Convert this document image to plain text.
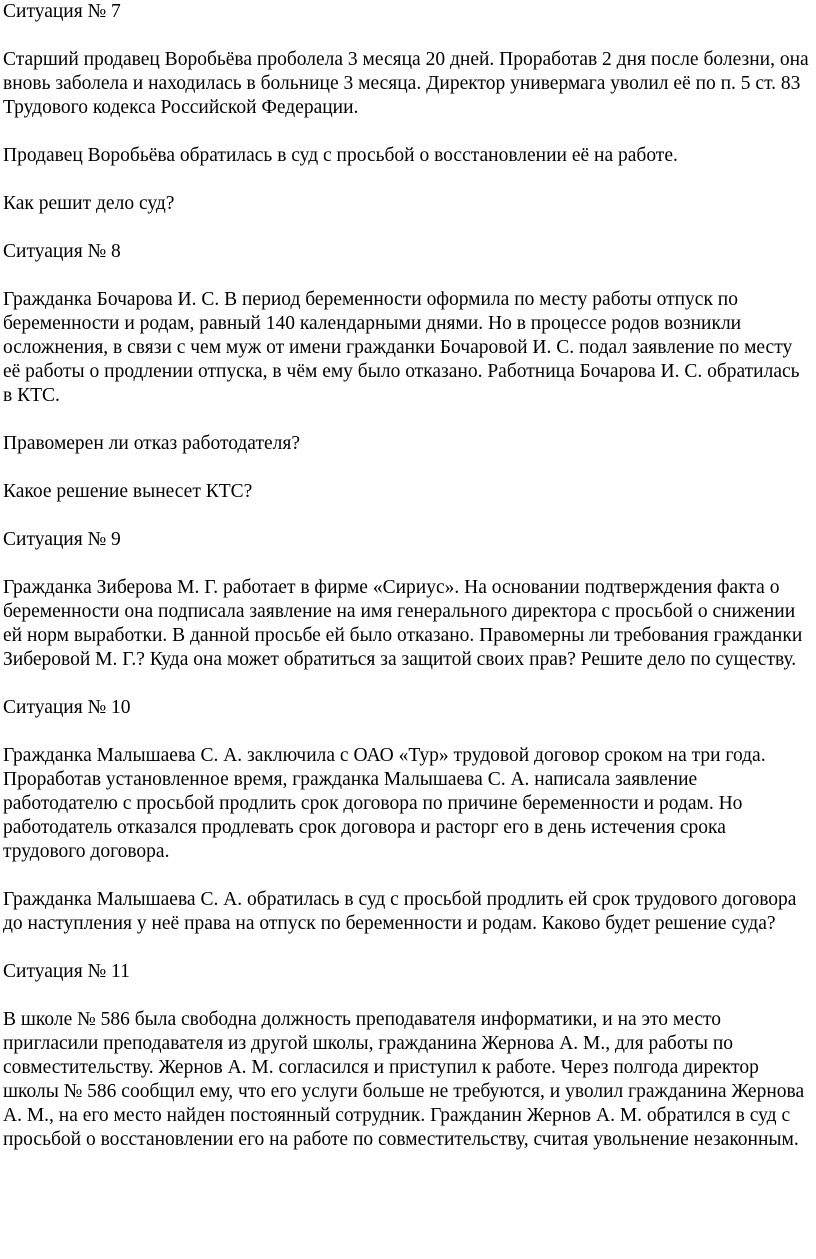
Ситуация № 7

Старший продавец Воробьёва проболела 3 месяца 20 дней. Проработав 2 дня после болезни, она вновь заболела и находилась в больнице 3 месяца. Директор универмага уволил её по п. 5 ст. 83 Трудового кодекса Российской Федерации.

Продавец Воробьёва обратилась в суд с просьбой о восстановлении её на работе.

Как решит дело суд?

Ситуация № 8

Гражданка Бочарова И. С. В период беременности оформила по месту работы отпуск по беременности и родам, равный 140 календарными днями. Но в процессе родов возникли осложнения, в связи с чем муж от имени гражданки Бочаровой И. С. подал заявление по месту её работы о продлении отпуска, в чём ему было отказано. Работница Бочарова И. С. обратилась в КТС.

Правомерен ли отказ работодателя?

Какое решение вынесет КТС?

Ситуация № 9

Гражданка Зиберова М. Г. работает в фирме «Сириус». На основании подтверждения факта о беременности она подписала заявление на имя генерального директора с просьбой о снижении ей норм выработки. В данной просьбе ей было отказано. Правомерны ли требования гражданки Зиберовой М. Г.? Куда она может обратиться за защитой своих прав? Решите дело по существу.

Ситуация № 10

Гражданка Малышаева С. А. заключила с ОАО «Тур» трудовой договор сроком на три года. Проработав установленное время, гражданка Малышаева С. А. написала заявление работодателю с просьбой продлить срок договора по причине беременности и родам. Но работодатель отказался продлевать срок договора и расторг его в день истечения срока трудового договора.

Гражданка Малышаева С. А. обратилась в суд с просьбой продлить ей срок трудового договора до наступления у неё права на отпуск по беременности и родам. Каково будет решение суда?

Ситуация № 11

В школе № 586 была свободна должность преподавателя информатики, и на это место пригласили преподавателя из другой школы, гражданина Жернова А. М., для работы по совместительству. Жернов А. М. согласился и приступил к работе. Через полгода директор школы № 586 сообщил ему, что его услуги больше не требуются, и уволил гражданина Жернова А. М., на его место найден постоянный сотрудник. Гражданин Жернов А. М. обратился в суд с просьбой о восстановлении его на работе по совместительству, считая увольнение незаконным.
